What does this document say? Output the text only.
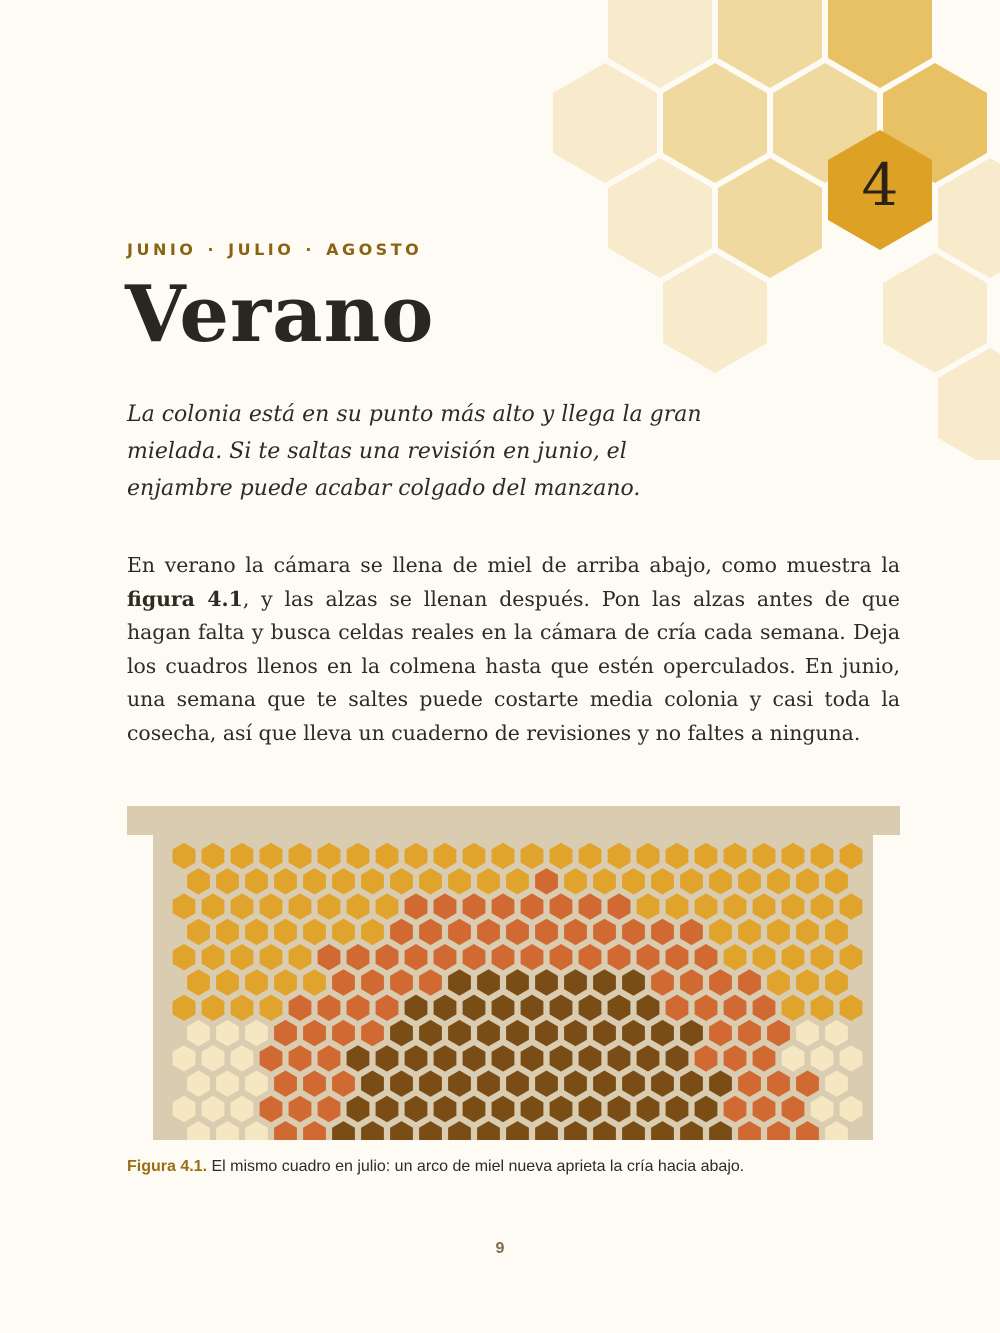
4

JUNIO · JULIO · AGOSTO

Verano

La colonia está en su punto más alto y llega la gran mielada. Si te saltas una revisión en junio, el enjambre puede acabar colgado del manzano.

En verano la cámara se llena de miel de arriba abajo, como muestra la figura 4.1, y las alzas se llenan después. Pon las alzas antes de que hagan falta y busca celdas reales en la cámara de cría cada semana. Deja los cuadros llenos en la colmena hasta que estén operculados. En junio, una semana que te saltes puede costarte media colonia y casi toda la cosecha, así que lleva un cuaderno de revisiones y no faltes a ninguna.

Figura 4.1. El mismo cuadro en julio: un arco de miel nueva aprieta la cría hacia abajo.

9
